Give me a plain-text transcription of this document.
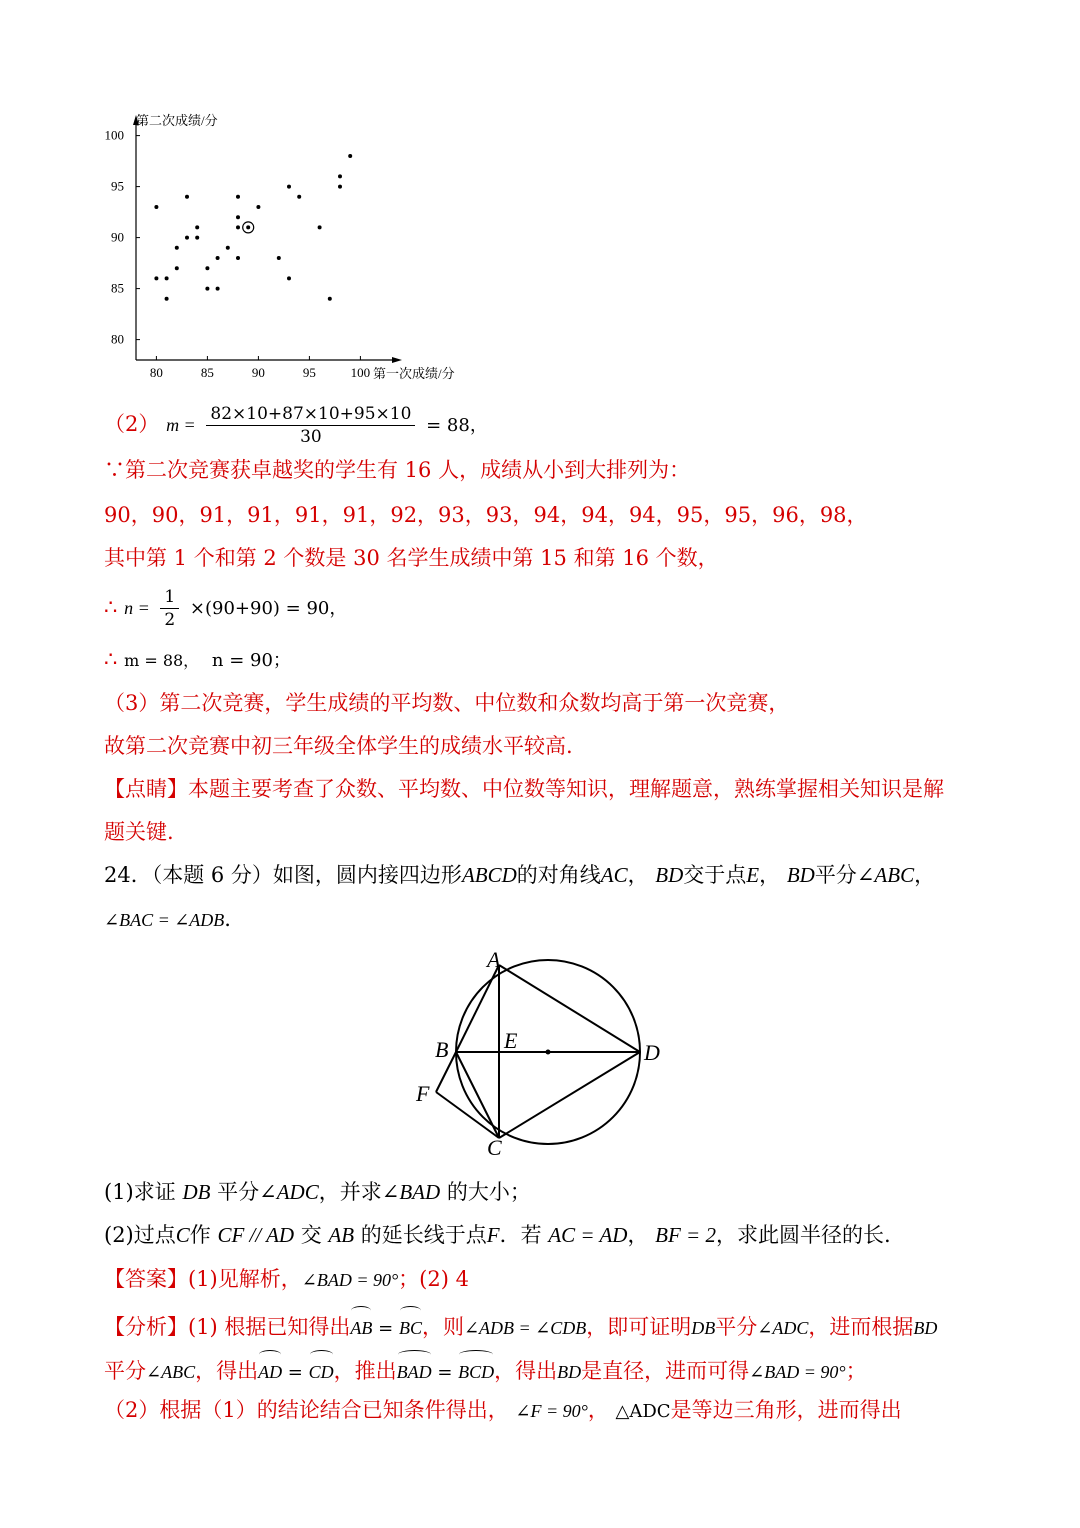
80	85	90	95	100
80
85
90
95
100
第二次成绩/分
第一次成绩/分
（2） $m = \frac{82\times 10+87\times 10+95\times 10}{30} = 88$，
∵第二次竞赛获卓越奖的学生有 16 人，成绩从小到大排列为：
90，90，91，91，91，91，92，93，93，94，94，94，95，95，96，98，
其中第 1 个和第 2 个数是 30 名学生成绩中第 15 和第 16 个数，
∴ $n = \frac{1}{2} \times(90+90) = 90$，
∴ m = 88， n = 90；
（3）第二次竞赛，学生成绩的平均数、中位数和众数均高于第一次竞赛，
故第二次竞赛中初三年级全体学生的成绩水平较高.
【点睛】本题主要考查了众数、平均数、中位数等知识，理解题意，熟练掌握相关知识是解
题关键.
24．（本题 6 分）如图，圆内接四边形ABCD的对角线AC， BD交于点E， BD平分∠ABC，
∠BAC = ∠ADB.
A
B
C
D
E
F
(1)求证 DB 平分∠ADC，并求∠BAD 的大小；
(2)过点C作 CF // AD 交 AB 的延长线于点F．若 AC = AD， BF = 2，求此圆半径的长.
【答案】(1)见解析，∠BAD = 90°；(2) 4
【分析】(1) 根据已知得出AB = BC，则∠ADB = ∠CDB，即可证明DB平分∠ADC，进而根据BD
平分∠ABC，得出AD = CD，推出BAD = BCD，得出BD是直径，进而可得∠BAD = 90°；
（2）根据（1）的结论结合已知条件得出， ∠F = 90°， △ADC是等边三角形，进而得出
